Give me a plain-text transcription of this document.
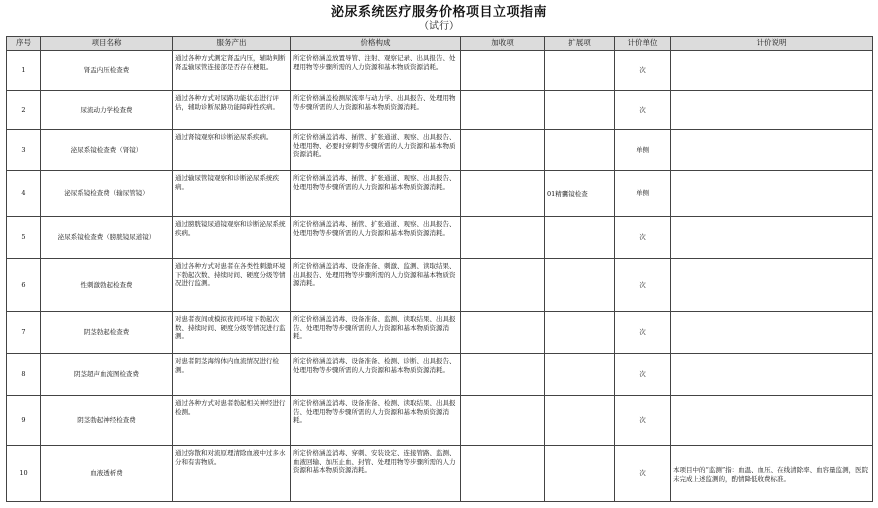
泌尿系统医疗服务价格项目立项指南
（试行）
序号	项目名称	服务产出	价格构成	加收项	扩展项	计价单位	计价说明
1	肾盂内压检查费	通过各种方式测定肾盂内压，辅助判断肾盂输尿管连接部是否存在梗阻。	所定价格涵盖放置导管、注射、观察记录、出具报告、处理用物等步骤所需的人力资源和基本物质资源消耗。			次	
2	尿流动力学检查费	通过各种方式对尿路功能状态进行评估，辅助诊断尿路功能障碍性疾病。	所定价格涵盖检测尿流率与动力学、出具报告、处理用物等步骤所需的人力资源和基本物质资源消耗。			次	
3	泌尿系镜检查费（肾镜）	通过肾镜观察和诊断泌尿系疾病。	所定价格涵盖消毒、插管、扩张通道、观察、出具报告、处理用物、必要时穿刺等步骤所需的人力资源和基本物质资源消耗。			单侧	
4	泌尿系镜检查费（输尿管镜）	通过输尿管镜观察和诊断泌尿系统疾病。	所定价格涵盖消毒、插管、扩张通道、观察、出具报告、处理用物等步骤所需的人力资源和基本物质资源消耗。		01精囊镜检查	单侧	
5	泌尿系镜检查费（膀胱镜尿道镜）	通过膀胱镜尿道镜观察和诊断泌尿系统疾病。	所定价格涵盖消毒、插管、扩张通道、观察、出具报告、处理用物等步骤所需的人力资源和基本物质资源消耗。			次	
6	性刺激勃起检查费	通过各种方式对患者在各类性刺激环境下勃起次数、持续时间、硬度分级等情况进行监测。	所定价格涵盖消毒、设备准备、刺激、监测、读取结果、出具报告、处理用物等步骤所需的人力资源和基本物质资源消耗。			次	
7	阴茎勃起检查费	对患者夜间或模拟夜间环境下勃起次数、持续时间、硬度分级等情况进行监测。	所定价格涵盖消毒、设备准备、监测、读取结果、出具报告、处理用物等步骤所需的人力资源和基本物质资源消耗。			次	
8	阴茎超声血流图检查费	对患者阴茎海绵体内血流情况进行检测。	所定价格涵盖消毒、设备准备、检测、诊断、出具报告、处理用物等步骤所需的人力资源和基本物质资源消耗。			次	
9	阴茎勃起神经检查费	通过各种方式对患者勃起相关神经进行检测。	所定价格涵盖消毒、设备准备、检测、读取结果、出具报告、处理用物等步骤所需的人力资源和基本物质资源消耗。			次	
10	血液透析费	通过弥散和对流原理清除血液中过多水分和有害物质。	所定价格涵盖消毒、穿刺、安装设定、连接管路、监测、血液回输、加压止血、封管、处理用物等步骤所需的人力资源和基本物质资源消耗。			次	本项目中的“监测”指：血温、血压、在线清除率、血容量监测，医院未完成上述监测的，酌情降低收费标准。
